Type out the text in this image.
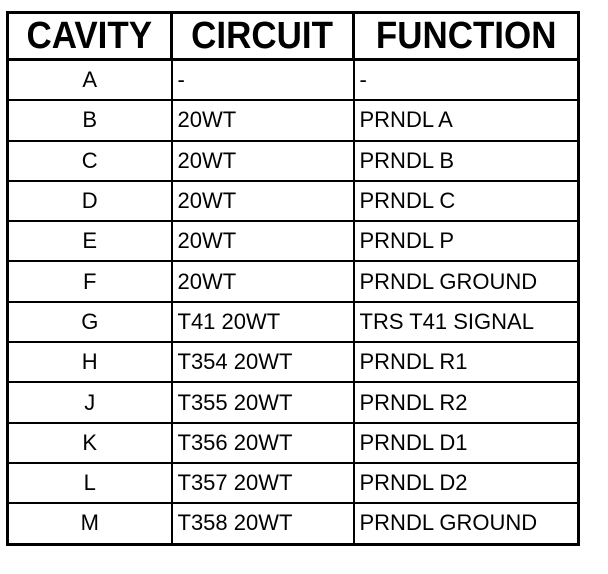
CAVITY	CIRCUIT	FUNCTION
A	-	-
B	20WT	PRNDL A
C	20WT	PRNDL B
D	20WT	PRNDL C
E	20WT	PRNDL P
F	20WT	PRNDL GROUND
G	T41 20WT	TRS T41 SIGNAL
H	T354 20WT	PRNDL R1
J	T355 20WT	PRNDL R2
K	T356 20WT	PRNDL D1
L	T357 20WT	PRNDL D2
M	T358 20WT	PRNDL GROUND
